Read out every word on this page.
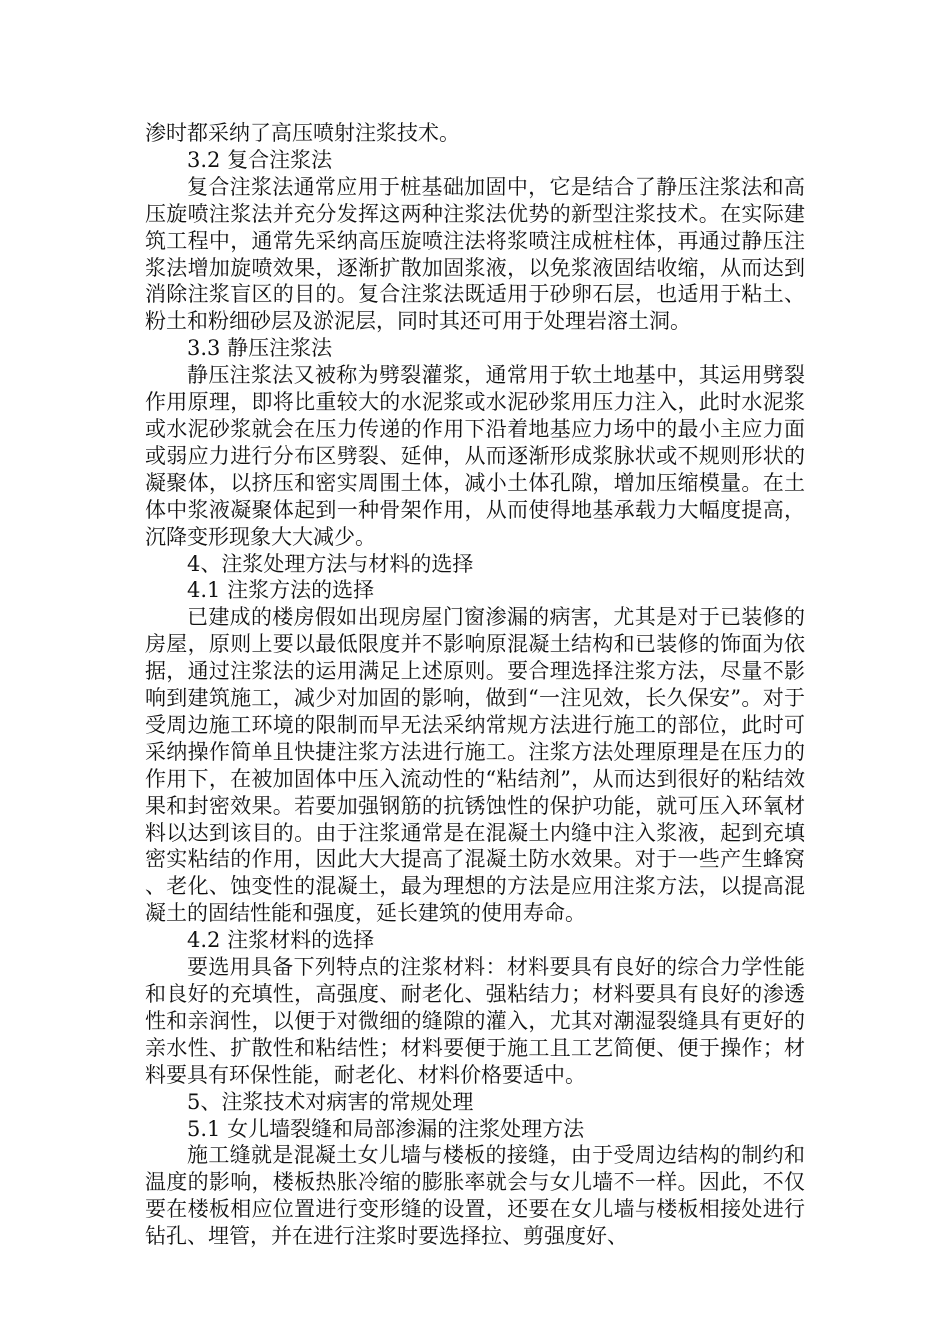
渗时都采纳了高压喷射注浆技术。

3.2 复合注浆法

复合注浆法通常应用于桩基础加固中，它是结合了静压注浆法和高压旋喷注浆法并充分发挥这两种注浆法优势的新型注浆技术。在实际建筑工程中，通常先采纳高压旋喷注法将浆喷注成桩柱体，再通过静压注浆法增加旋喷效果，逐渐扩散加固浆液，以免浆液固结收缩，从而达到消除注浆盲区的目的。复合注浆法既适用于砂卵石层，也适用于粘土、粉土和粉细砂层及淤泥层，同时其还可用于处理岩溶土洞。

3.3 静压注浆法

静压注浆法又被称为劈裂灌浆，通常用于软土地基中，其运用劈裂作用原理，即将比重较大的水泥浆或水泥砂浆用压力注入，此时水泥浆或水泥砂浆就会在压力传递的作用下沿着地基应力场中的最小主应力面或弱应力进行分布区劈裂、延伸，从而逐渐形成浆脉状或不规则形状的凝聚体，以挤压和密实周围土体，减小土体孔隙，增加压缩模量。在土体中浆液凝聚体起到一种骨架作用，从而使得地基承载力大幅度提高，沉降变形现象大大减少。

4、注浆处理方法与材料的选择

4.1 注浆方法的选择

已建成的楼房假如出现房屋门窗渗漏的病害，尤其是对于已装修的房屋，原则上要以最低限度并不影响原混凝土结构和已装修的饰面为依据，通过注浆法的运用满足上述原则。要合理选择注浆方法，尽量不影响到建筑施工，减少对加固的影响，做到“一注见效，长久保安”。对于受周边施工环境的限制而早无法采纳常规方法进行施工的部位，此时可采纳操作简单且快捷注浆方法进行施工。注浆方法处理原理是在压力的作用下，在被加固体中压入流动性的“粘结剂”，从而达到很好的粘结效果和封密效果。若要加强钢筋的抗锈蚀性的保护功能，就可压入环氧材料以达到该目的。由于注浆通常是在混凝土内缝中注入浆液，起到充填密实粘结的作用，因此大大提高了混凝土防水效果。对于一些产生蜂窝、老化、蚀变性的混凝土，最为理想的方法是应用注浆方法，以提高混凝土的固结性能和强度，延长建筑的使用寿命。

4.2 注浆材料的选择

要选用具备下列特点的注浆材料：材料要具有良好的综合力学性能和良好的充填性，高强度、耐老化、强粘结力；材料要具有良好的渗透性和亲润性，以便于对微细的缝隙的灌入，尤其对潮湿裂缝具有更好的亲水性、扩散性和粘结性；材料要便于施工且工艺简便、便于操作；材料要具有环保性能，耐老化、材料价格要适中。

5、注浆技术对病害的常规处理

5.1 女儿墙裂缝和局部渗漏的注浆处理方法

施工缝就是混凝土女儿墙与楼板的接缝，由于受周边结构的制约和温度的影响，楼板热胀冷缩的膨胀率就会与女儿墙不一样。因此，不仅要在楼板相应位置进行变形缝的设置，还要在女儿墙与楼板相接处进行钻孔、埋管，并在进行注浆时要选择拉、剪强度好、
